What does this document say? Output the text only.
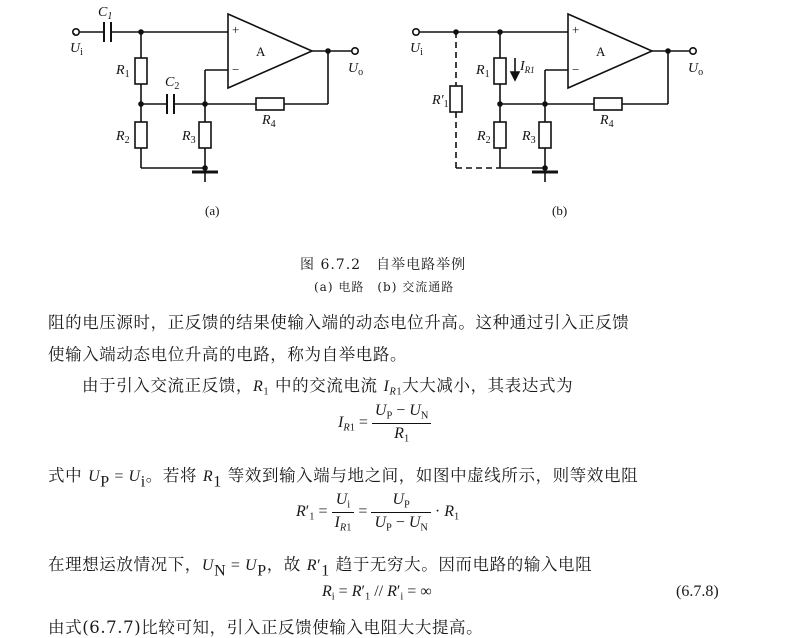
$C_1$
$U_i$
·
$R_1$
$C_2$
$R_2$	$R_3$
$R_4$
$U_o$
+
−
A
(a)
$U_i$
$R_1$
$I_{R1}$
$R'_1$
$R_2$ $R_3$
$R_4$
$U_o$
+
−
A
(b)
图 6.7.2　自举电路举例
(a) 电路　(b) 交流通路
阻的电压源时，正反馈的结果使输入端的动态电位升高。这种通过引入正反馈
使输入端动态电位升高的电路，称为自举电路。
由于引入交流正反馈，$R_1$ 中的交流电流 $I_{R1}$大大减小，其表达式为
$I_{R1} = \frac{U_P - U_N}{R_1}$
式中 UP = Ui。若将 R1 等效到输入端与地之间，如图中虚线所示，则等效电阻
$R'_1 = \frac{U_i}{I_{R1}} = \frac{U_P}{U_P - U_N} \cdot R_1$
在理想运放情况下，UN = UP，故 R′1 趋于无穷大。因而电路的输入电阻
$R_i = R'_1 // R'_i$ = ∞	(6.7.8)
由式(6.7.7)比较可知，引入正反馈使输入电阻大大提高。
